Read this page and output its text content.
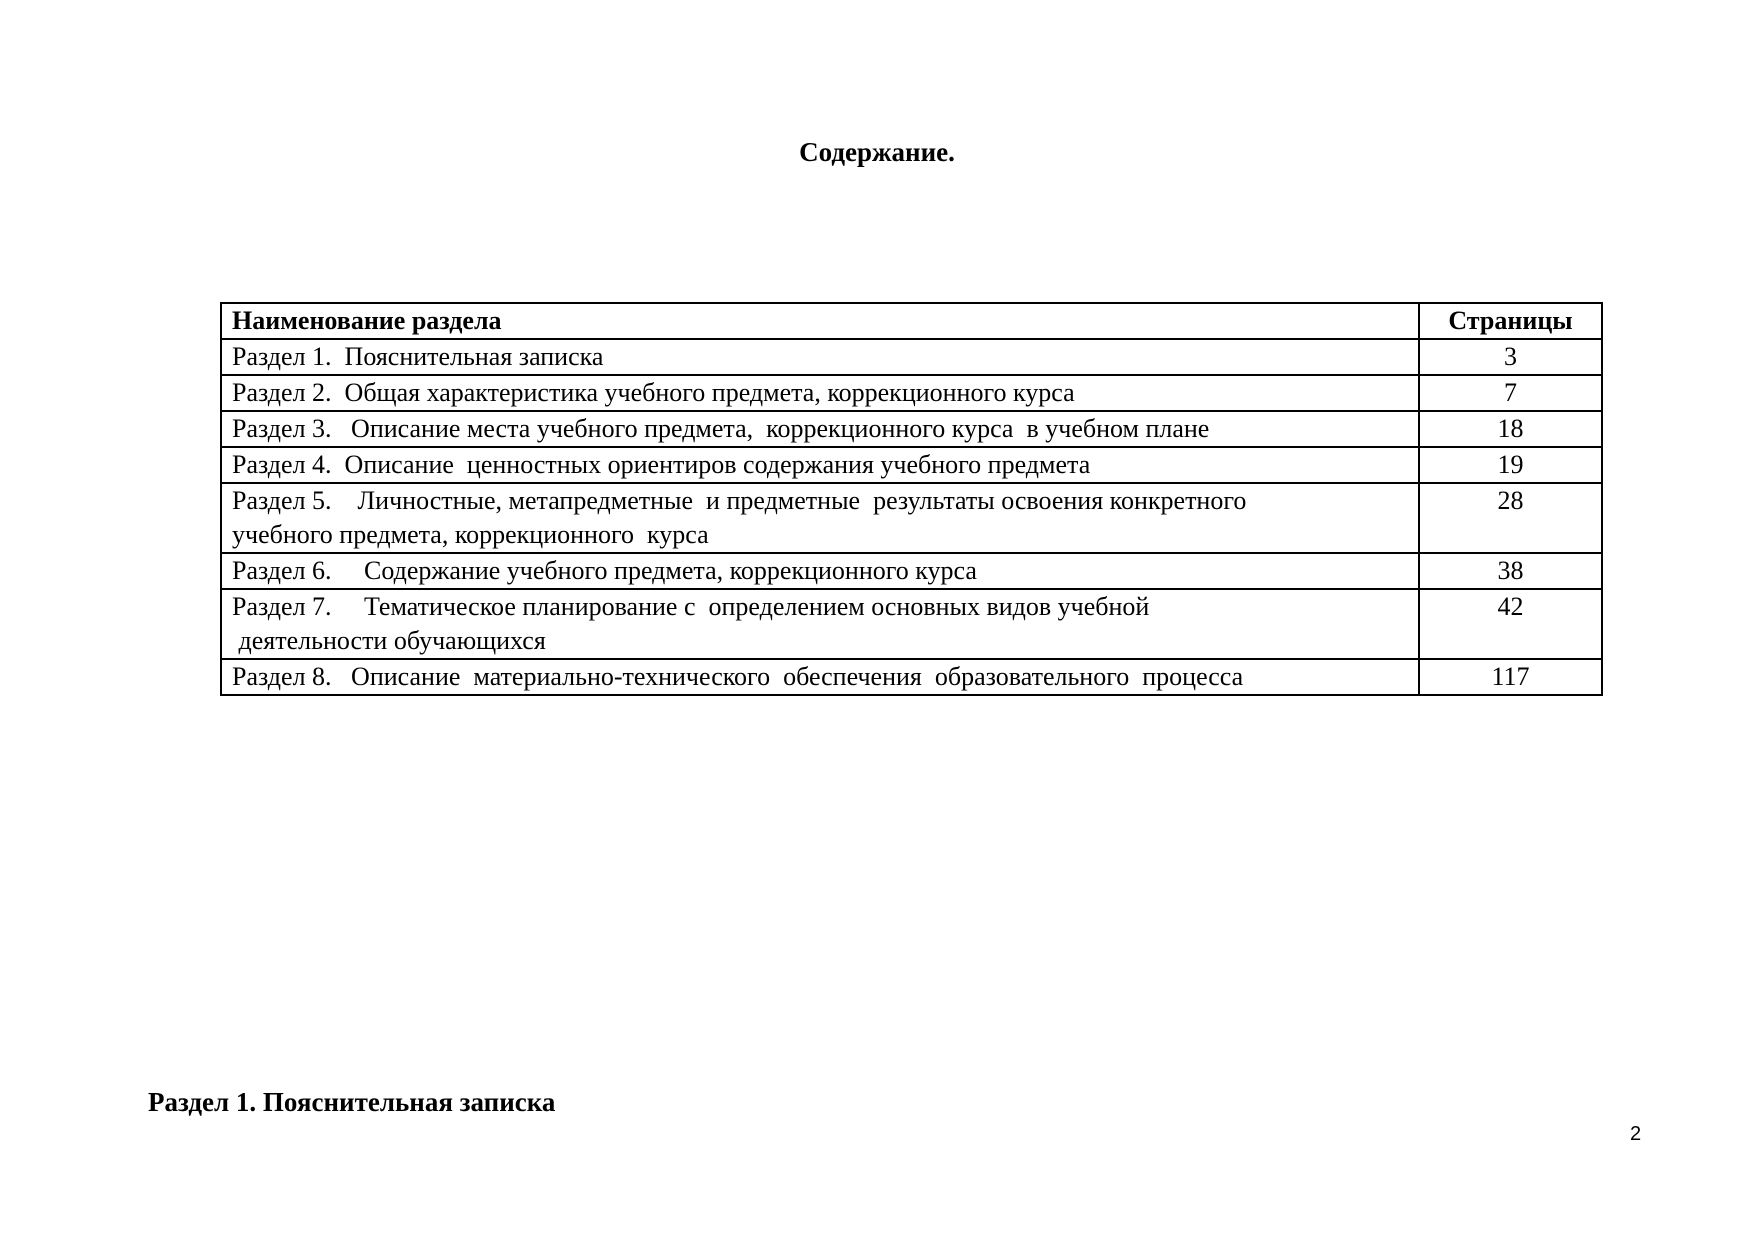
Содержание.
Наименование раздела	Страницы
Раздел 1.  Пояснительная записка	3
Раздел 2.  Общая характеристика учебного предмета, коррекционного курса	7
Раздел 3.   Описание места учебного предмета,  коррекционного курса  в учебном плане	18
Раздел 4.  Описание  ценностных ориентиров содержания учебного предмета	19
Раздел 5.    Личностные, метапредметные  и предметные  результаты освоения конкретного
учебного предмета, коррекционного  курса	28
Раздел 6.     Содержание учебного предмета, коррекционного курса	38
Раздел 7.     Тематическое планирование с  определением основных видов учебной
деятельности обучающихся	42
Раздел 8.   Описание  материально-технического  обеспечения  образовательного  процесса	117
Раздел 1. Пояснительная записка
2
